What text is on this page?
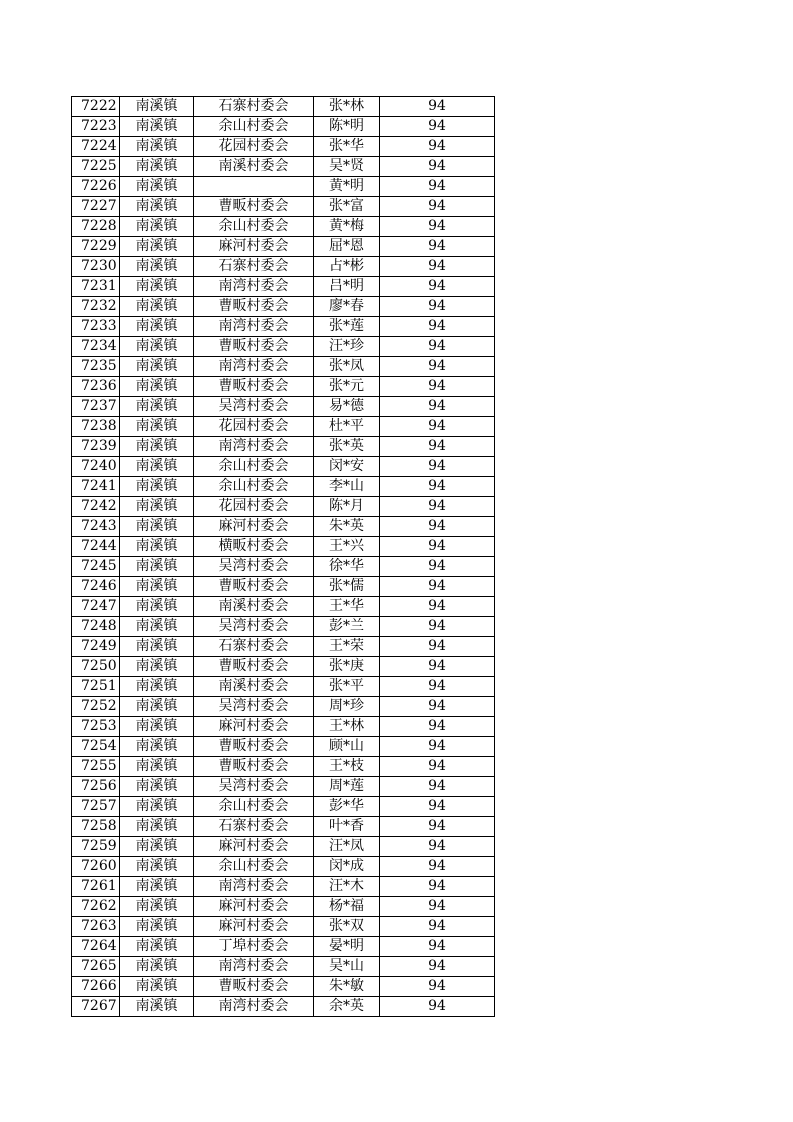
7222	南溪镇	石寨村委会	张*林	94
7223	南溪镇	余山村委会	陈*明	94
7224	南溪镇	花园村委会	张*华	94
7225	南溪镇	南溪村委会	吴*贤	94
7226	南溪镇		黄*明	94
7227	南溪镇	曹畈村委会	张*富	94
7228	南溪镇	余山村委会	黄*梅	94
7229	南溪镇	麻河村委会	屈*恩	94
7230	南溪镇	石寨村委会	占*彬	94
7231	南溪镇	南湾村委会	吕*明	94
7232	南溪镇	曹畈村委会	廖*春	94
7233	南溪镇	南湾村委会	张*莲	94
7234	南溪镇	曹畈村委会	汪*珍	94
7235	南溪镇	南湾村委会	张*凤	94
7236	南溪镇	曹畈村委会	张*元	94
7237	南溪镇	吴湾村委会	易*德	94
7238	南溪镇	花园村委会	杜*平	94
7239	南溪镇	南湾村委会	张*英	94
7240	南溪镇	余山村委会	闵*安	94
7241	南溪镇	余山村委会	李*山	94
7242	南溪镇	花园村委会	陈*月	94
7243	南溪镇	麻河村委会	朱*英	94
7244	南溪镇	横畈村委会	王*兴	94
7245	南溪镇	吴湾村委会	徐*华	94
7246	南溪镇	曹畈村委会	张*儒	94
7247	南溪镇	南溪村委会	王*华	94
7248	南溪镇	吴湾村委会	彭*兰	94
7249	南溪镇	石寨村委会	王*荣	94
7250	南溪镇	曹畈村委会	张*庚	94
7251	南溪镇	南溪村委会	张*平	94
7252	南溪镇	吴湾村委会	周*珍	94
7253	南溪镇	麻河村委会	王*林	94
7254	南溪镇	曹畈村委会	顾*山	94
7255	南溪镇	曹畈村委会	王*枝	94
7256	南溪镇	吴湾村委会	周*莲	94
7257	南溪镇	余山村委会	彭*华	94
7258	南溪镇	石寨村委会	叶*香	94
7259	南溪镇	麻河村委会	汪*凤	94
7260	南溪镇	余山村委会	闵*成	94
7261	南溪镇	南湾村委会	汪*木	94
7262	南溪镇	麻河村委会	杨*福	94
7263	南溪镇	麻河村委会	张*双	94
7264	南溪镇	丁埠村委会	晏*明	94
7265	南溪镇	南湾村委会	吴*山	94
7266	南溪镇	曹畈村委会	朱*敏	94
7267	南溪镇	南湾村委会	余*英	94
